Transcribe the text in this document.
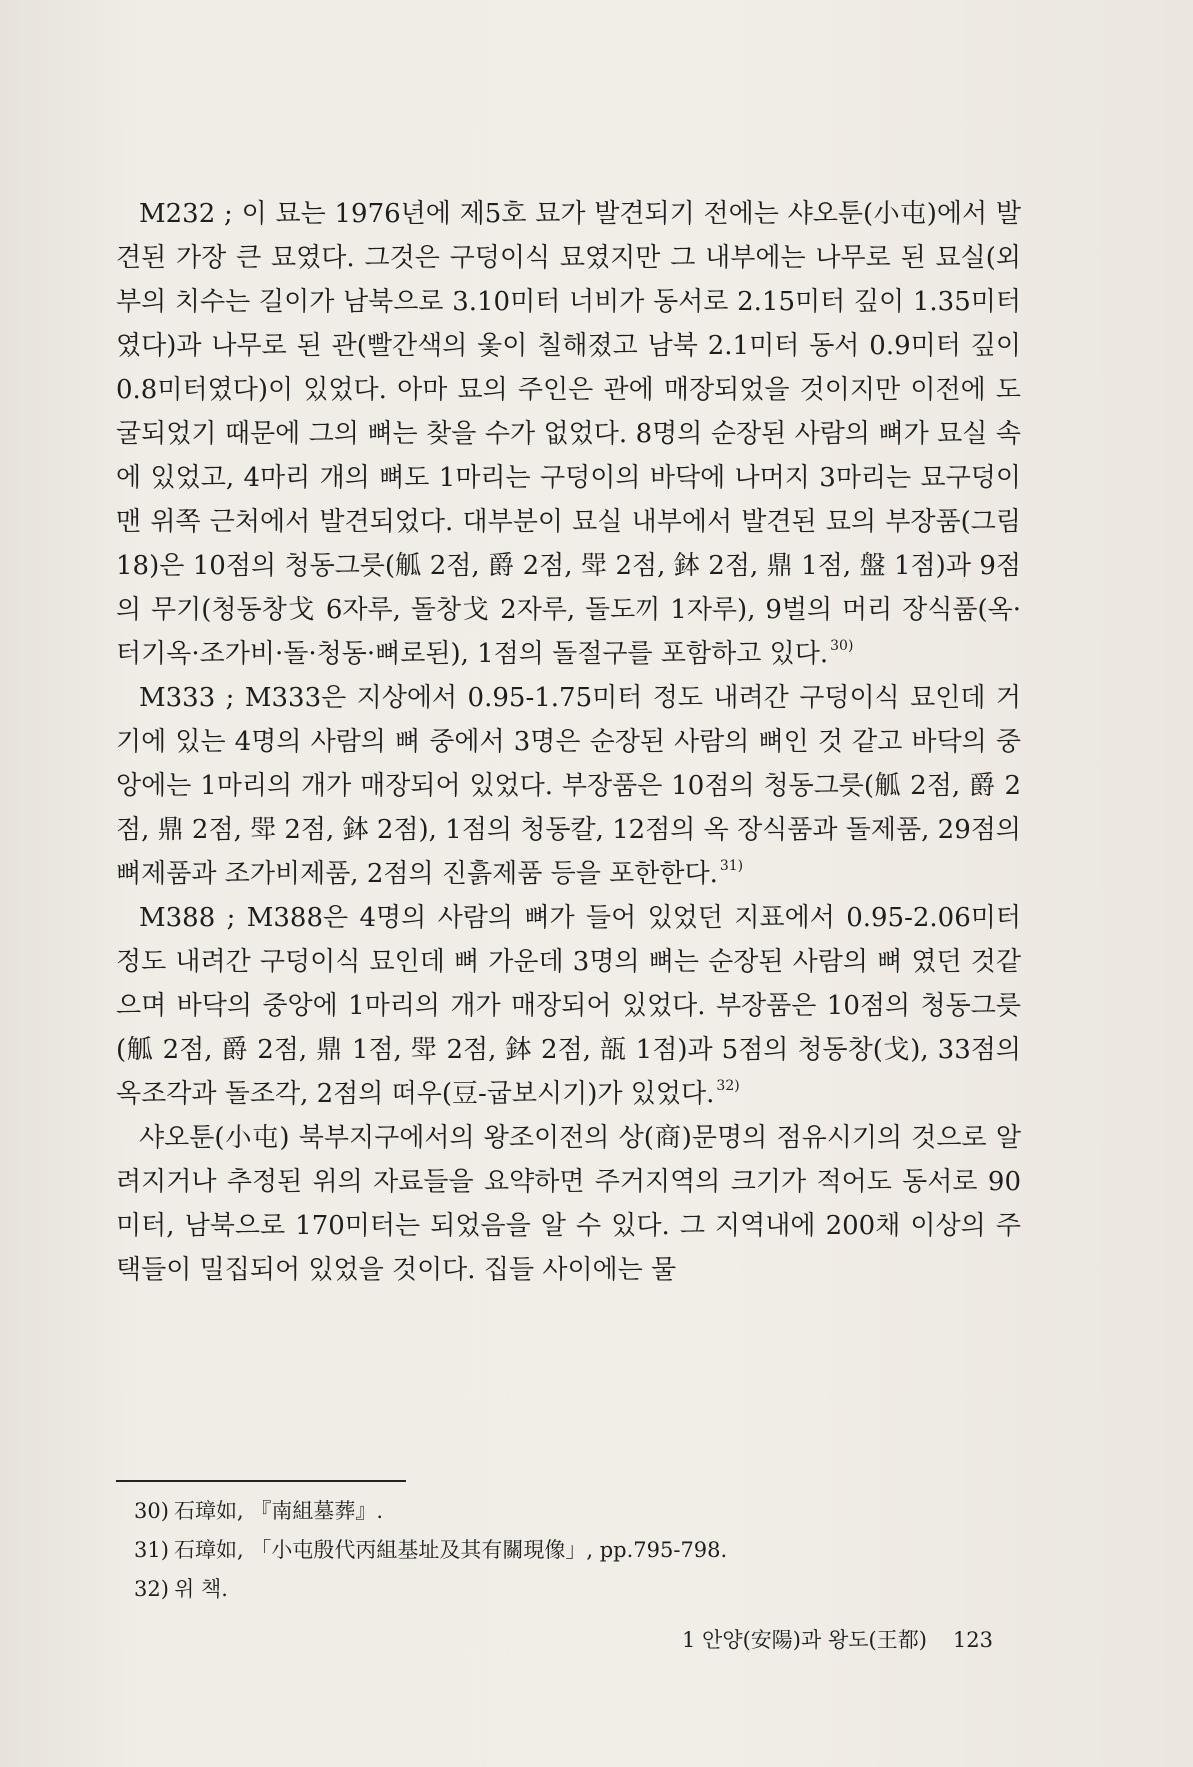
M232 ; 이 묘는 1976년에 제5호 묘가 발견되기 전에는 샤오툰(小屯)에서 발견된 가장 큰 묘였다. 그것은 구덩이식 묘였지만 그 내부에는 나무로 된 묘실(외부의 치수는 길이가 남북으로 3.10미터 너비가 동서로 2.15미터 깊이 1.35미터였다)과 나무로 된 관(빨간색의 옻이 칠해졌고 남북 2.1미터 동서 0.9미터 깊이 0.8미터였다)이 있었다. 아마 묘의 주인은 관에 매장되었을 것이지만 이전에 도굴되었기 때문에 그의 뼈는 찾을 수가 없었다. 8명의 순장된 사람의 뼈가 묘실 속에 있었고, 4마리 개의 뼈도 1마리는 구덩이의 바닥에 나머지 3마리는 묘구덩이 맨 위쪽 근처에서 발견되었다. 대부분이 묘실 내부에서 발견된 묘의 부장품(그림 18)은 10점의 청동그릇(觚 2점, 爵 2점, 斝 2점, 鉢 2점, 鼎 1점, 盤 1점)과 9점의 무기(청동창戈 6자루, 돌창戈 2자루, 돌도끼 1자루), 9벌의 머리 장식품(옥·터기옥·조가비·돌·청동·뼈로된), 1점의 돌절구를 포함하고 있다. $^{30)}$

M333 ; M333은 지상에서 0.95-1.75미터 정도 내려간 구덩이식 묘인데 거기에 있는 4명의 사람의 뼈 중에서 3명은 순장된 사람의 뼈인 것 같고 바닥의 중앙에는 1마리의 개가 매장되어 있었다. 부장품은 10점의 청동그릇(觚 2점, 爵 2점, 鼎 2점, 斝 2점, 鉢 2점), 1점의 청동칼, 12점의 옥 장식품과 돌제품, 29점의 뼈제품과 조가비제품, 2점의 진흙제품 등을 포한한다. $^{31)}$

M388 ; M388은 4명의 사람의 뼈가 들어 있었던 지표에서 0.95-2.06미터 정도 내려간 구덩이식 묘인데 뼈 가운데 3명의 뼈는 순장된 사람의 뼈 였던 것같으며 바닥의 중앙에 1마리의 개가 매장되어 있었다. 부장품은 10점의 청동그릇(觚 2점, 爵 2점, 鼎 1점, 斝 2점, 鉢 2점, 瓿 1점)과 5점의 청동창(戈), 33점의 옥조각과 돌조각, 2점의 떠우(豆-굽보시기)가 있었다. $^{32)}$

샤오툰(小屯) 북부지구에서의 왕조이전의 상(商)문명의 점유시기의 것으로 알려지거나 추정된 위의 자료들을 요약하면 주거지역의 크기가 적어도 동서로 90미터, 남북으로 170미터는 되었음을 알 수 있다. 그 지역내에 200채 이상의 주택들이 밀집되어 있었을 것이다. 집들 사이에는 물

30) 石璋如, 『南組墓葬』.

31) 石璋如, 「小屯殷代丙組基址及其有關現像」, pp.795-798.

32) 위 책.

1 안양(安陽)과 왕도(王都) 123
